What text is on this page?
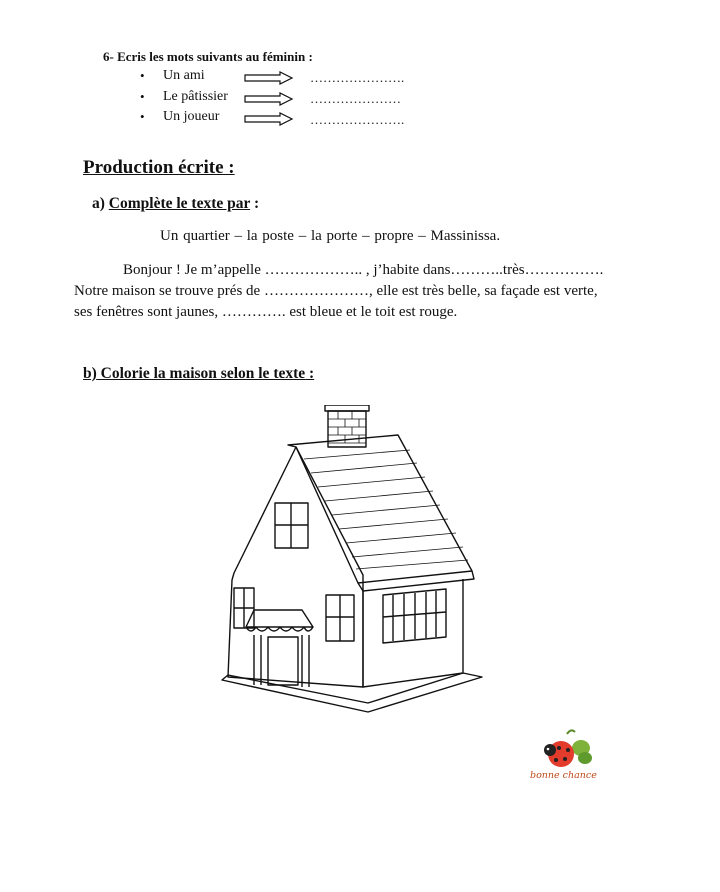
6- Ecris les mots suivants au féminin :
• Un ami	………………….
• Le pâtissier	…………………
• Un joueur	………………….
Production écrite :
a) Complète le texte par :
Un quartier – la poste – la porte – propre – Massinissa.
Bonjour ! Je m’appelle ……………….. , j’habite dans………..très…………….
Notre maison se trouve prés de …………………, elle est très belle, sa façade est verte,
ses fenêtres sont jaunes, …………. est bleue et le toit est rouge.
b) Colorie la maison selon le texte :
bonne chance
